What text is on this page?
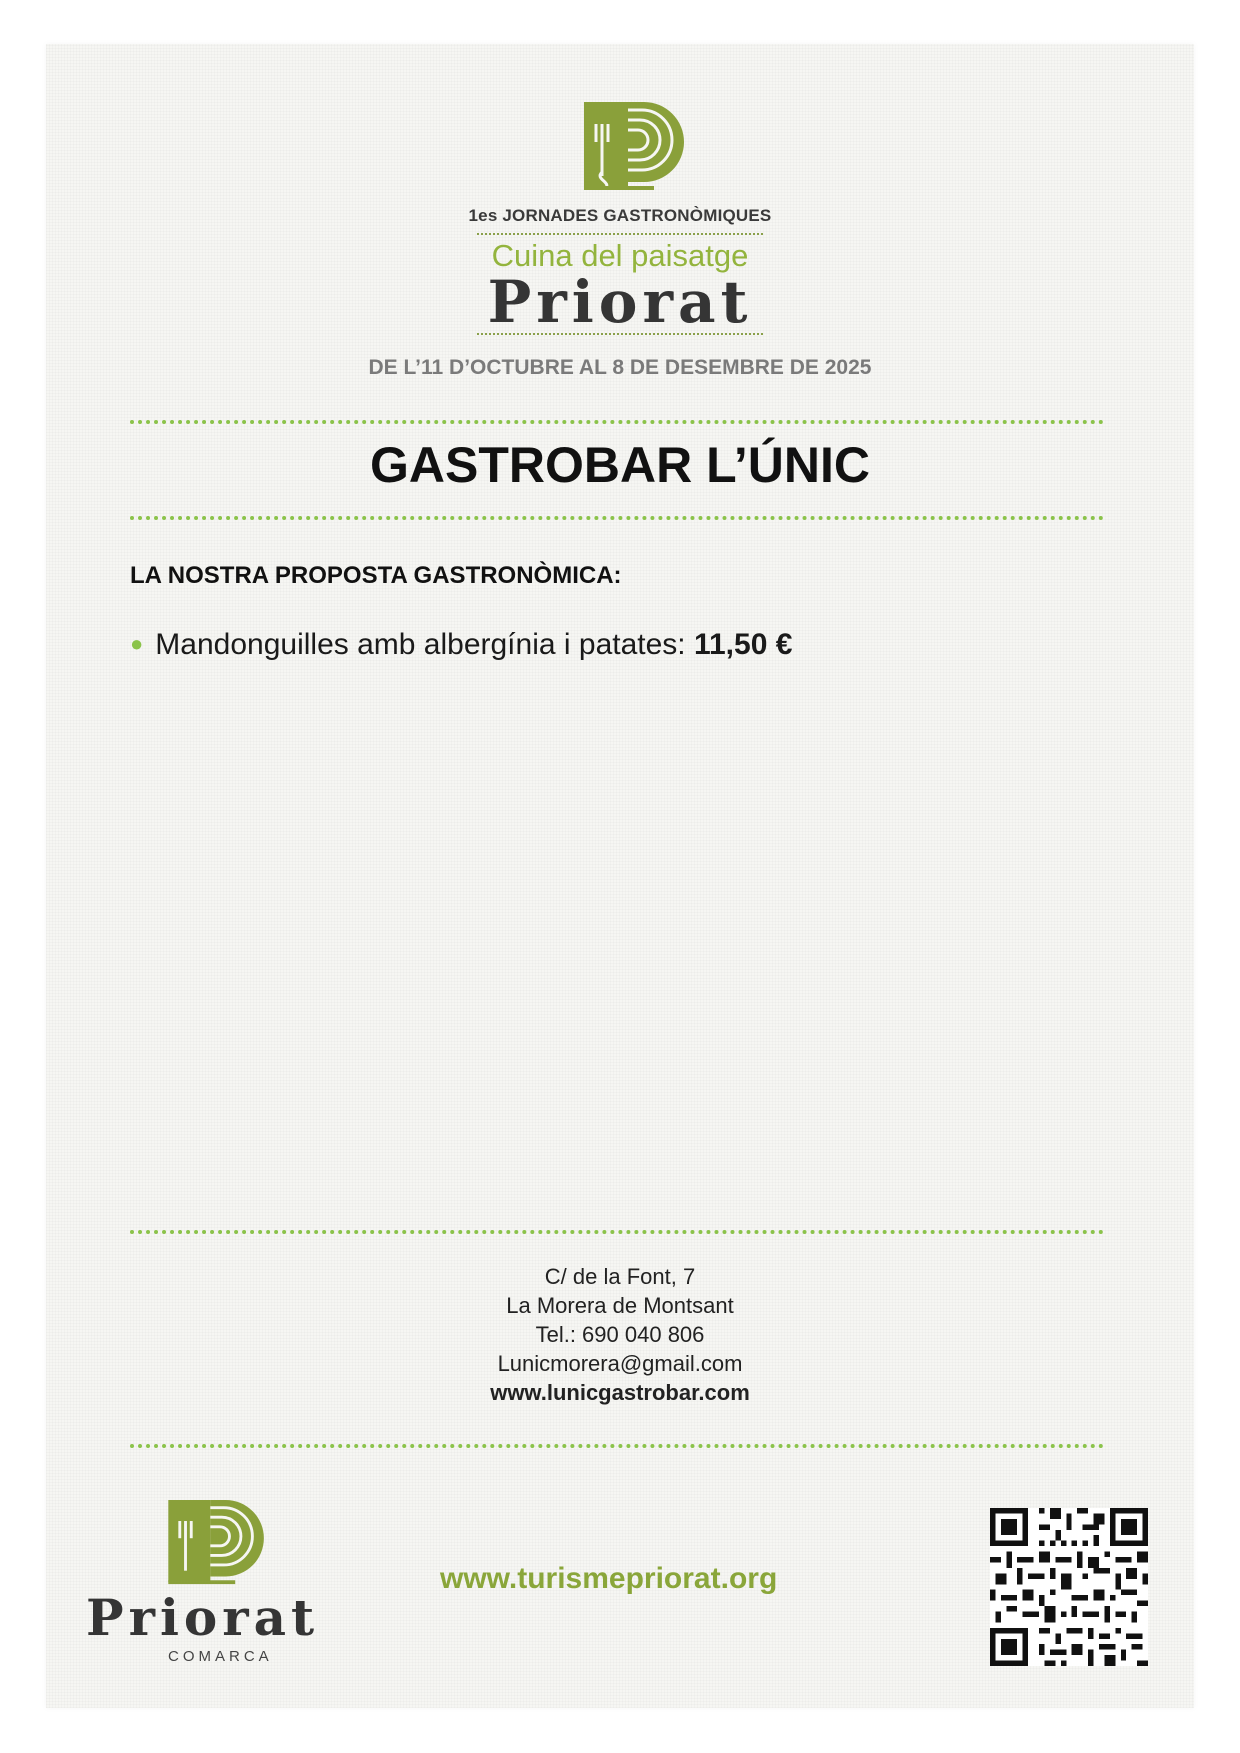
1es JORNADES GASTRONÒMIQUES
Cuina del paisatge
Priorat
DE L’11 D’OCTUBRE AL 8 DE DESEMBRE DE 2025
GASTROBAR L’ÚNIC
LA NOSTRA PROPOSTA GASTRONÒMICA:
● Mandonguilles amb albergínia i patates: 11,50 €
C/ de la Font, 7
La Morera de Montsant
Tel.: 690 040 806
Lunicmorera@gmail.com
www.lunicgastrobar.com
Priorat
COMARCA
www.turismepriorat.org
